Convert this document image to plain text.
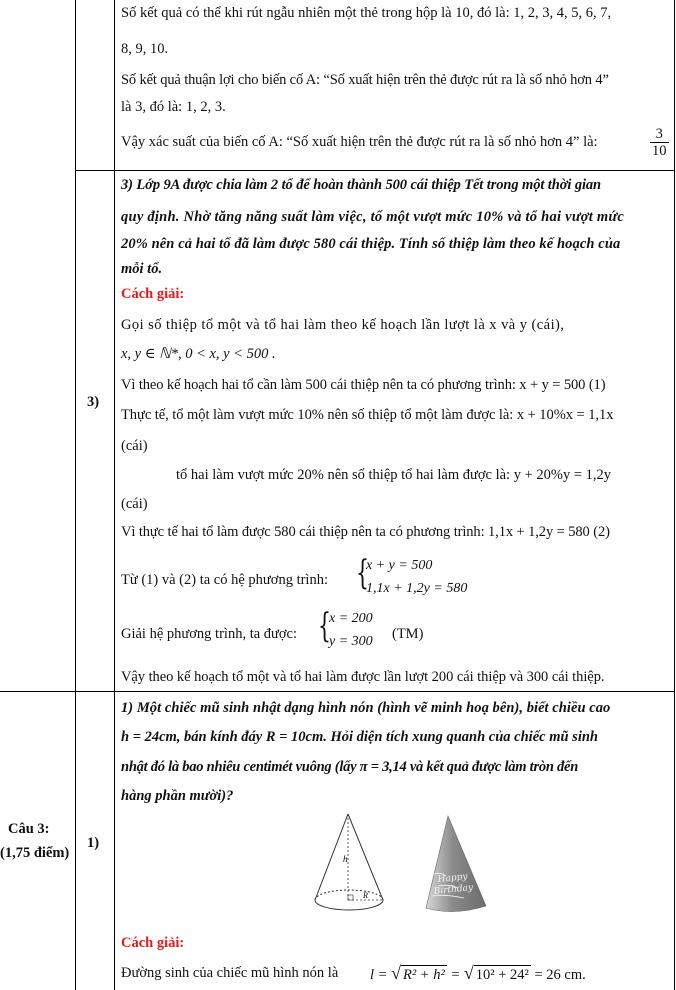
3)
Câu 3:
(1,75 điểm)
1)
Số kết quả có thể khi rút ngẫu nhiên một thẻ trong hộp là 10, đó là: 1, 2, 3, 4, 5, 6, 7,
8, 9, 10.
Số kết quả thuận lợi cho biến cố A: “Số xuất hiện trên thẻ được rút ra là số nhỏ hơn 4”
là 3, đó là: 1, 2, 3.
Vậy xác suất của biến cố A: “Số xuất hiện trên thẻ được rút ra là số nhỏ hơn 4” là:	$\frac{3}{10}$
3) Lớp 9A được chia làm 2 tổ để hoàn thành 500 cái thiệp Tết trong một thời gian
quy định. Nhờ tăng năng suất làm việc, tổ một vượt mức 10% và tổ hai vượt mức
20% nên cả hai tổ đã làm được 580 cái thiệp. Tính số thiệp làm theo kế hoạch của
mỗi tổ.
Cách giải:
Gọi số thiệp tổ một và tổ hai làm theo kế hoạch lần lượt là x và y (cái),
x, y ∈ ℕ*, 0 < x, y < 500 .
Vì theo kế hoạch hai tổ cần làm 500 cái thiệp nên ta có phương trình: x + y = 500 (1)
Thực tế, tổ một làm vượt mức 10% nên số thiệp tổ một làm được là: x + 10%x = 1,1x
(cái)
tổ hai làm vượt mức 20% nên số thiệp tổ hai làm được là: y + 20%y = 1,2y
(cái)
Vì thực tế hai tổ làm được 580 cái thiệp nên ta có phương trình: 1,1x + 1,2y = 580 (2)
Từ (1) và (2) ta có hệ phương trình: {
x + y = 500
1,1x + 1,2y = 580
Giải hệ phương trình, ta được: {
x = 200
y = 300 (TM)
Vậy theo kế hoạch tổ một và tổ hai làm được lần lượt 200 cái thiệp và 300 cái thiệp.
1) Một chiếc mũ sinh nhật dạng hình nón (hình vẽ minh hoạ bên), biết chiều cao
h = 24cm, bán kính đáy R = 10cm. Hỏi diện tích xung quanh của chiếc mũ sinh
nhật đó là bao nhiêu centimét vuông (lấy π = 3,14 và kết quả được làm tròn đến
hàng phần mười)?
h
R
Happy
Birthday
Cách giải:
Đường sinh của chiếc mũ hình nón là l = √ R² + h² = √ 10² + 24² = 26 cm.
